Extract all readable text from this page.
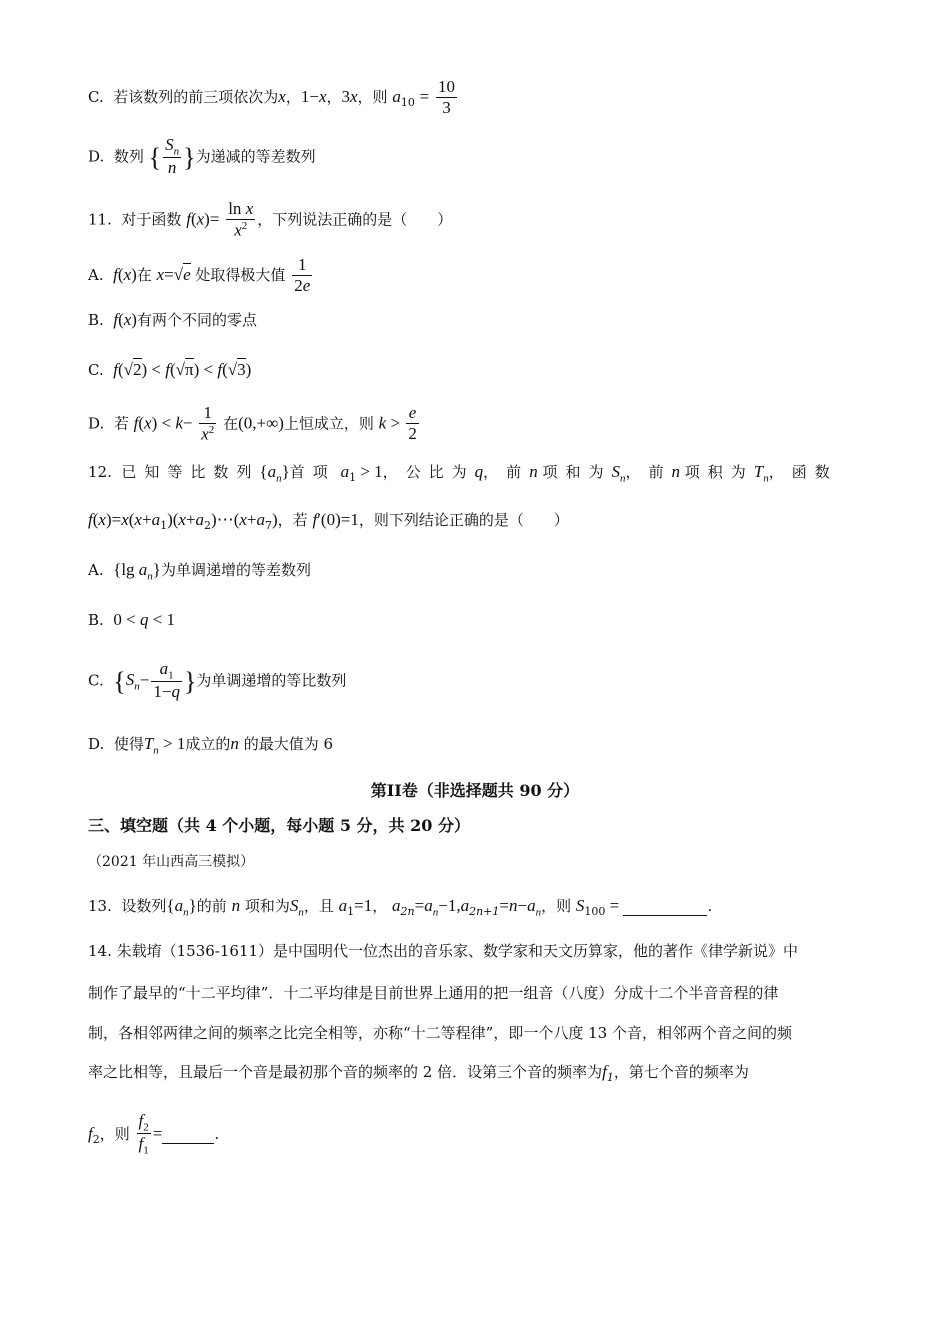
C. 若该数列的前三项依次为x，1−x，3x，则 $a_{10} = \frac{10}{3}$
D. 数列 { $\frac{S_n}{n}$ }为递减的等差数列
11. 对于函数 $f(x)= \frac{\text{ln x}}{x^2}$ ，下列说法正确的是（　　）
A. f(x)在 x=√e 处取得极大值 $\frac{1}{2e}$
B. f(x)有两个不同的零点
C. f(√2) < f(√π) < f(√3)
D. 若 $f(x) < k- \frac{1}{x^2}$ 在(0,+∞)上恒成立，则 $k > \frac{e}{2}$
12. 已知等比数列$\{a_n\}$首项 $a_1 > 1$，公比为q，前n 项和为$S_n$，前n 项积为$T_n$，函数
$f(x)=x(x+a_1)(x+a_2)\cdots(x+a_7)$，若 f′(0)=1，则下列结论正确的是（　　）
A. {lg $a_n$}为单调递增的等差数列
B. 0 < q < 1
C. {$S_n- \frac{a_1}{1-q}$ }为单调递增的等比数列
D. 使得$T_n > 1$成立的n 的最大值为 6
第II卷（非选择题共 90 分）
三、填空题（共 4 个小题，每小题 5 分，共 20 分）
（2021 年山西高三模拟）
13. 设数列$\{a_n\}$的前 n 项和为$S_n$，且 $a_1=1$， $a_{2n}=a_n-1,a_{2n+1}=n-a_n$，则 $S_{100}$ =	.
14. 朱载堉（1536-1611）是中国明代一位杰出的音乐家、数学家和天文历算家，他的著作《律学新说》中
制作了最早的“十二平均律”．十二平均律是目前世界上通用的把一组音（八度）分成十二个半音音程的律
制，各相邻两律之间的频率之比完全相等，亦称“十二等程律”，即一个八度 13 个音，相邻两个音之间的频
率之比相等，且最后一个音是最初那个音的频率的 2 倍．设第三个音的频率为$f_1$，第七个音的频率为
$f_2$，则 $\frac{f_2}{f_1}$ =	.
